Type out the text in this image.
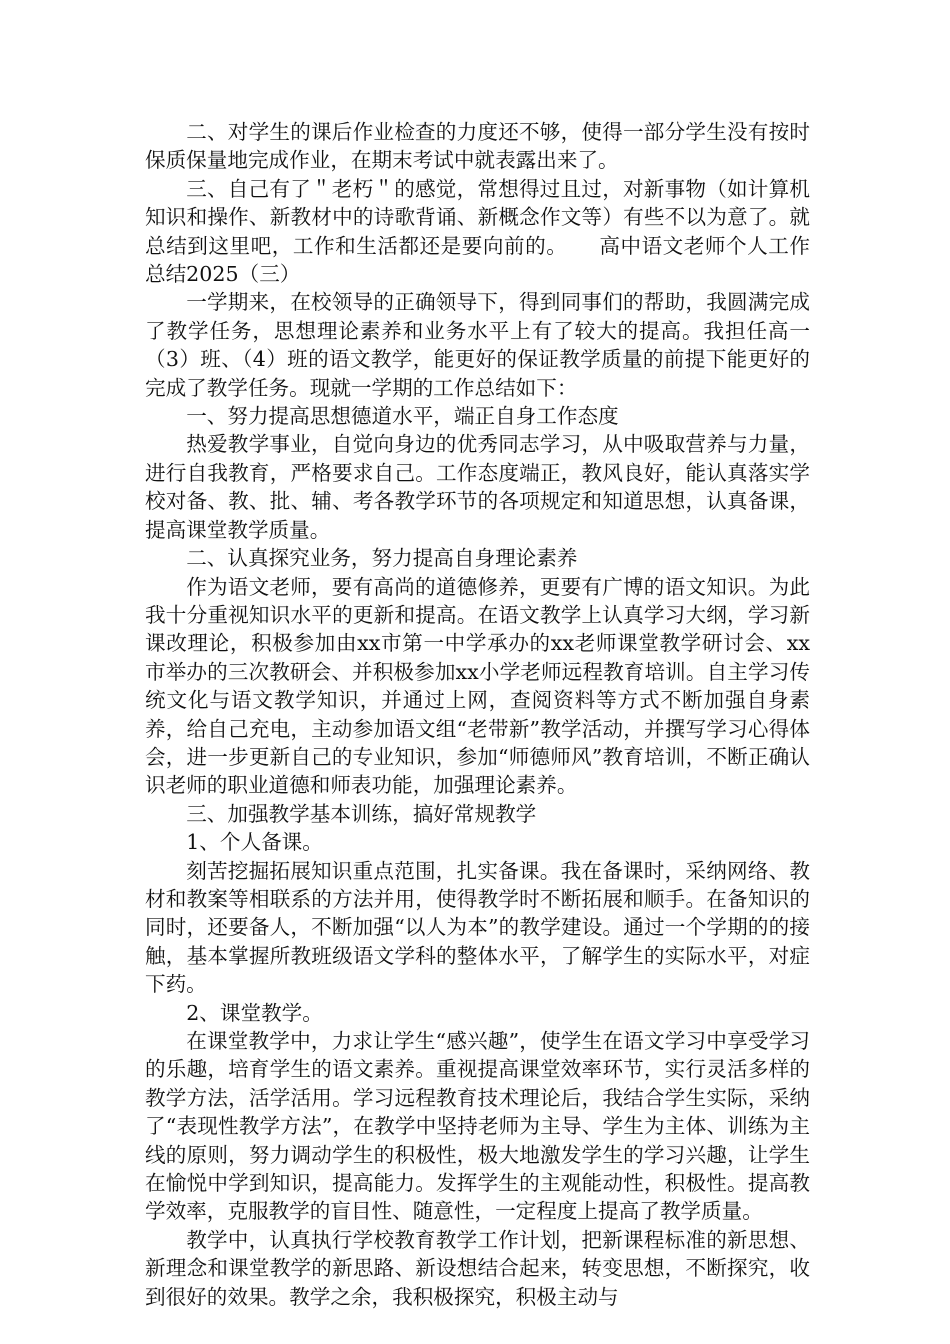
二、对学生的课后作业检查的力度还不够，使得一部分学生没有按时保质保量地完成作业，在期末考试中就表露出来了。

三、自己有了＂老朽＂的感觉，常想得过且过，对新事物（如计算机知识和操作、新教材中的诗歌背诵、新概念作文等）有些不以为意了。就总结到这里吧，工作和生活都还是要向前的。　　高中语文老师个人工作总结2025（三）

一学期来，在校领导的正确领导下，得到同事们的帮助，我圆满完成了教学任务，思想理论素养和业务水平上有了较大的提高。我担任高一（3）班、（4）班的语文教学，能更好的保证教学质量的前提下能更好的完成了教学任务。现就一学期的工作总结如下：

一、努力提高思想德道水平，端正自身工作态度

热爱教学事业，自觉向身边的优秀同志学习，从中吸取营养与力量，进行自我教育，严格要求自己。工作态度端正，教风良好，能认真落实学校对备、教、批、辅、考各教学环节的各项规定和知道思想，认真备课，提高课堂教学质量。

二、认真探究业务，努力提高自身理论素养

作为语文老师，要有高尚的道德修养，更要有广博的语文知识。为此我十分重视知识水平的更新和提高。在语文教学上认真学习大纲，学习新课改理论，积极参加由xx市第一中学承办的xx老师课堂教学研讨会、xx市举办的三次教研会、并积极参加xx小学老师远程教育培训。自主学习传统文化与语文教学知识，并通过上网，查阅资料等方式不断加强自身素养，给自己充电，主动参加语文组“老带新”教学活动，并撰写学习心得体会，进一步更新自己的专业知识，参加“师德师风”教育培训，不断正确认识老师的职业道德和师表功能，加强理论素养。

三、加强教学基本训练，搞好常规教学

1、个人备课。

刻苦挖掘拓展知识重点范围，扎实备课。我在备课时，采纳网络、教材和教案等相联系的方法并用，使得教学时不断拓展和顺手。在备知识的同时，还要备人，不断加强“以人为本”的教学建设。通过一个学期的的接触，基本掌握所教班级语文学科的整体水平，了解学生的实际水平，对症下药。

2、课堂教学。

在课堂教学中，力求让学生“感兴趣”，使学生在语文学习中享受学习的乐趣，培育学生的语文素养。重视提高课堂效率环节，实行灵活多样的教学方法，活学活用。学习远程教育技术理论后，我结合学生实际，采纳了“表现性教学方法”，在教学中坚持老师为主导、学生为主体、训练为主线的原则，努力调动学生的积极性，极大地激发学生的学习兴趣，让学生在愉悦中学到知识，提高能力。发挥学生的主观能动性，积极性。提高教学效率，克服教学的盲目性、随意性，一定程度上提高了教学质量。

教学中，认真执行学校教育教学工作计划，把新课程标准的新思想、新理念和课堂教学的新思路、新设想结合起来，转变思想，不断探究，收到很好的效果。教学之余，我积极探究，积极主动与
